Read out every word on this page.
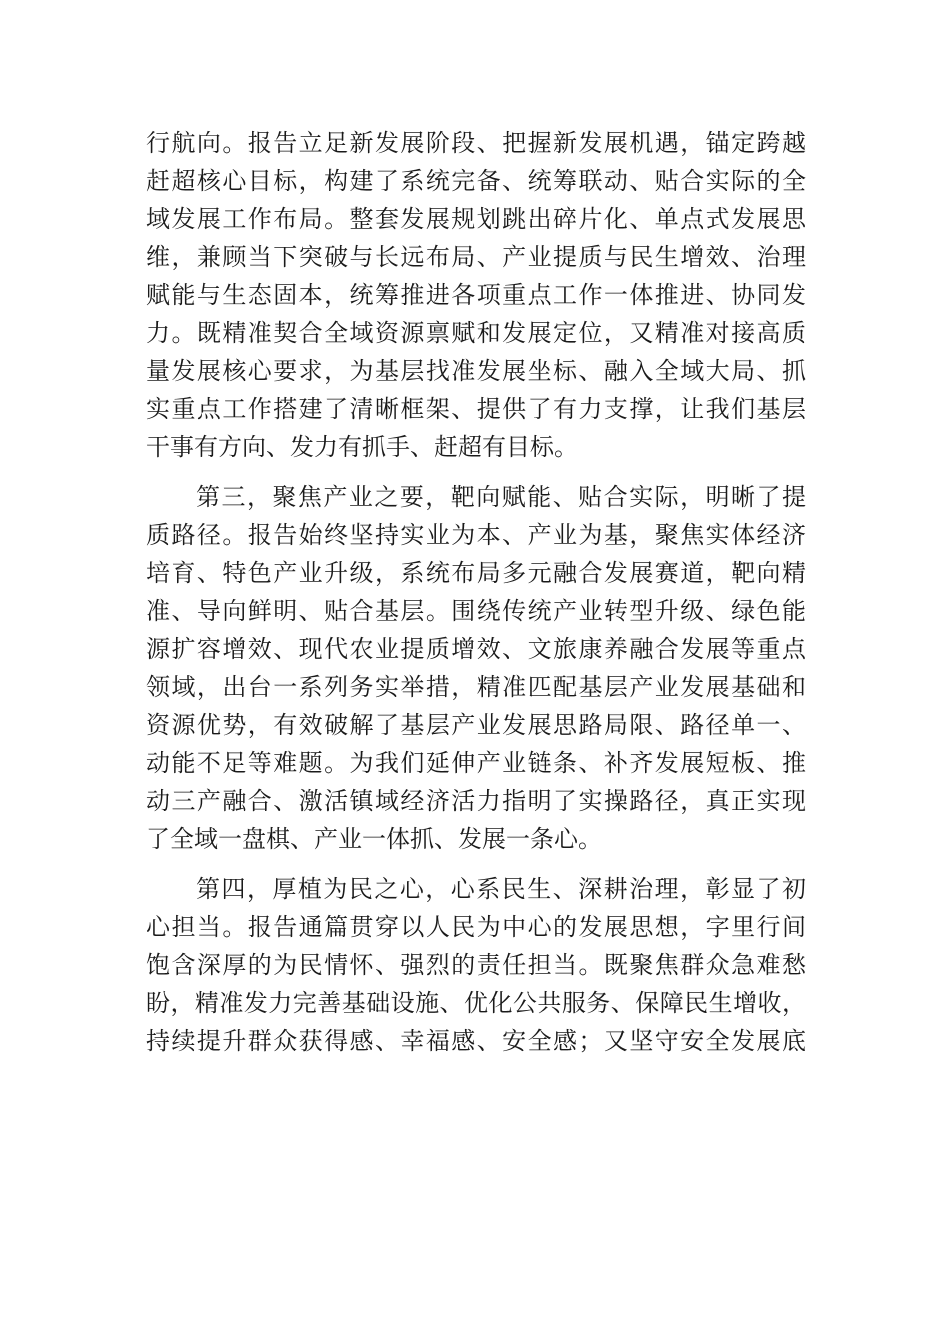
行航向。报告立足新发展阶段、把握新发展机遇，锚定跨越
赶超核心目标，构建了系统完备、统筹联动、贴合实际的全
域发展工作布局。整套发展规划跳出碎片化、单点式发展思
维，兼顾当下突破与长远布局、产业提质与民生增效、治理
赋能与生态固本，统筹推进各项重点工作一体推进、协同发
力。既精准契合全域资源禀赋和发展定位，又精准对接高质
量发展核心要求，为基层找准发展坐标、融入全域大局、抓
实重点工作搭建了清晰框架、提供了有力支撑，让我们基层
干事有方向、发力有抓手、赶超有目标。
第三，聚焦产业之要，靶向赋能、贴合实际，明晰了提
质路径。报告始终坚持实业为本、产业为基，聚焦实体经济
培育、特色产业升级，系统布局多元融合发展赛道，靶向精
准、导向鲜明、贴合基层。围绕传统产业转型升级、绿色能
源扩容增效、现代农业提质增效、文旅康养融合发展等重点
领域，出台一系列务实举措，精准匹配基层产业发展基础和
资源优势，有效破解了基层产业发展思路局限、路径单一、
动能不足等难题。为我们延伸产业链条、补齐发展短板、推
动三产融合、激活镇域经济活力指明了实操路径，真正实现
了全域一盘棋、产业一体抓、发展一条心。
第四，厚植为民之心，心系民生、深耕治理，彰显了初
心担当。报告通篇贯穿以人民为中心的发展思想，字里行间
饱含深厚的为民情怀、强烈的责任担当。既聚焦群众急难愁
盼，精准发力完善基础设施、优化公共服务、保障民生增收，
持续提升群众获得感、幸福感、安全感；又坚守安全发展底
